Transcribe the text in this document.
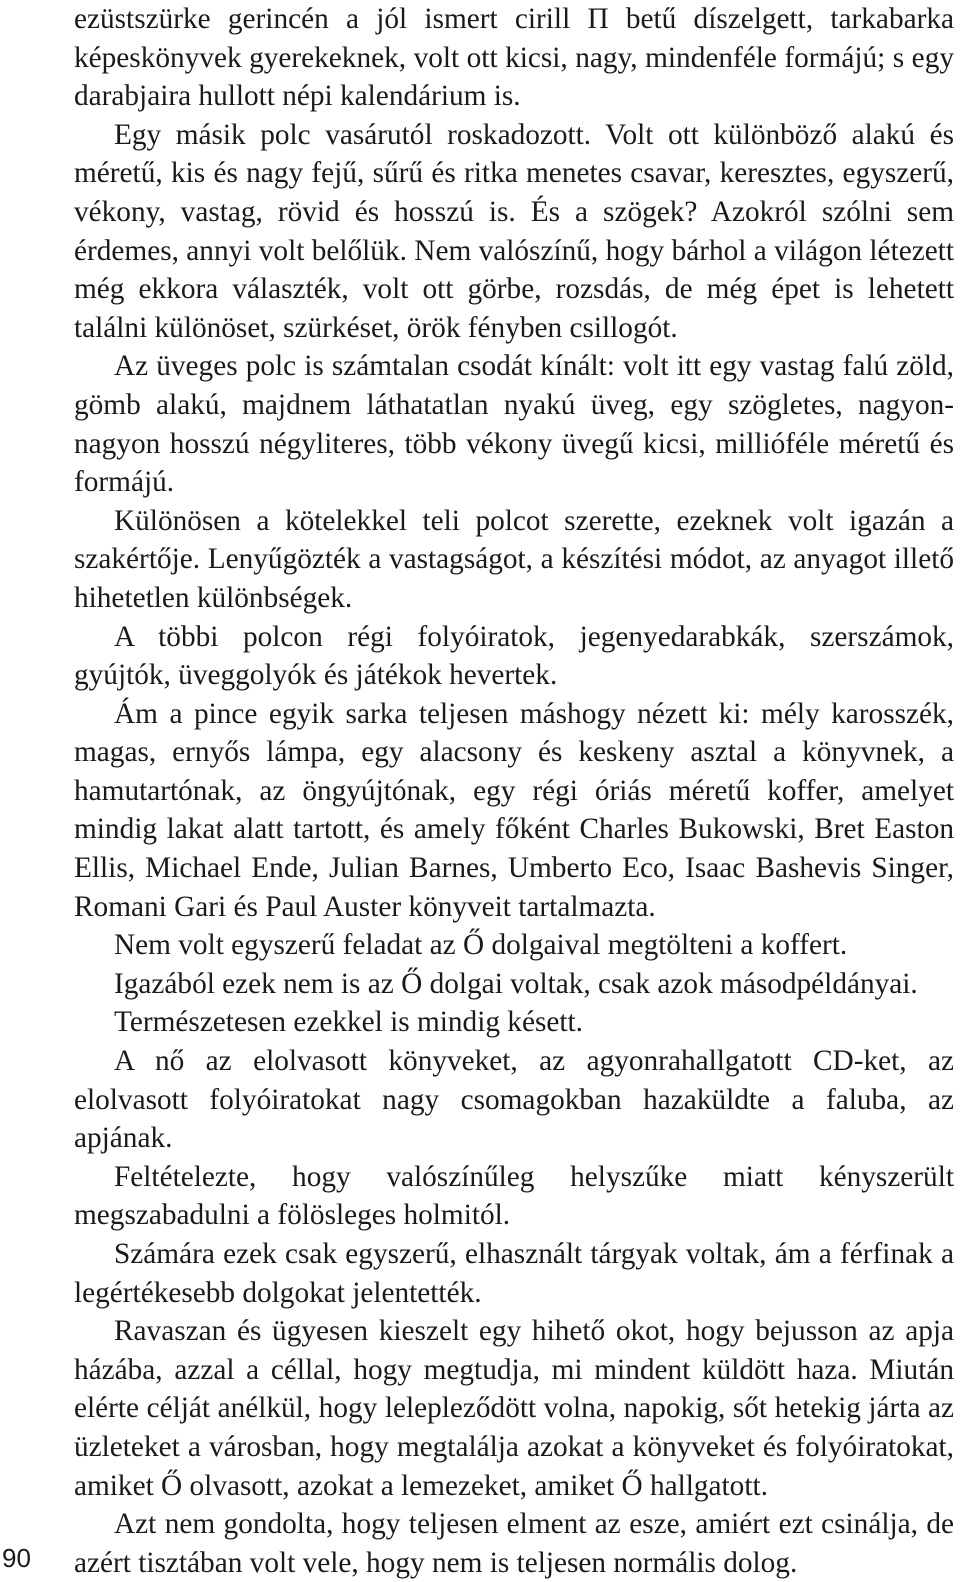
ezüstszürke gerincén a jól ismert cirill П betű díszelgett, tarkabarka képeskönyvek gyerekeknek, volt ott kicsi, nagy, mindenféle formájú; s egy darabjaira hullott népi kalendárium is.

Egy másik polc vasárutól roskadozott. Volt ott különböző alakú és méretű, kis és nagy fejű, sűrű és ritka menetes csavar, keresztes, egyszerű, vékony, vastag, rövid és hosszú is. És a szögek? Azokról szólni sem érdemes, annyi volt belőlük. Nem valószínű, hogy bárhol a világon létezett még ekkora választék, volt ott görbe, rozsdás, de még épet is lehetett találni különöset, szürkéset, örök fényben csillogót.

Az üveges polc is számtalan csodát kínált: volt itt egy vastag falú zöld, gömb alakú, majdnem láthatatlan nyakú üveg, egy szögletes, nagyon-nagyon hosszú négyliteres, több vékony üvegű kicsi, millióféle méretű és formájú.

Különösen a kötelekkel teli polcot szerette, ezeknek volt igazán a szakértője. Lenyűgözték a vastagságot, a készítési módot, az anyagot illető hihetetlen különbségek.

A többi polcon régi folyóiratok, jegenyedarabkák, szerszámok, gyújtók, üveggolyók és játékok hevertek.

Ám a pince egyik sarka teljesen máshogy nézett ki: mély karosszék, magas, ernyős lámpa, egy alacsony és keskeny asztal a könyvnek, a hamutartónak, az öngyújtónak, egy régi óriás méretű koffer, amelyet mindig lakat alatt tartott, és amely főként Charles Bukowski, Bret Easton Ellis, Michael Ende, Julian Barnes, Umberto Eco, Isaac Bashevis Singer, Romani Gari és Paul Auster könyveit tartalmazta.

Nem volt egyszerű feladat az Ő dolgaival megtölteni a koffert.

Igazából ezek nem is az Ő dolgai voltak, csak azok másodpéldányai.

Természetesen ezekkel is mindig késett.

A nő az elolvasott könyveket, az agyonrahallgatott CD-ket, az elolvasott folyóiratokat nagy csomagokban hazaküldte a faluba, az apjának.

Feltételezte, hogy valószínűleg helyszűke miatt kényszerült megszabadulni a fölösleges holmitól.

Számára ezek csak egyszerű, elhasznált tárgyak voltak, ám a férfinak a legértékesebb dolgokat jelentették.

Ravaszan és ügyesen kieszelt egy hihető okot, hogy bejusson az apja házába, azzal a céllal, hogy megtudja, mi mindent küldött haza. Miután elérte célját anélkül, hogy lelepleződött volna, napokig, sőt hetekig járta az üzleteket a városban, hogy megtalálja azokat a könyveket és folyóiratokat, amiket Ő olvasott, azokat a lemezeket, amiket Ő hallgatott.

Azt nem gondolta, hogy teljesen elment az esze, amiért ezt csinálja, de azért tisztában volt vele, hogy nem is teljesen normális dolog.

90
